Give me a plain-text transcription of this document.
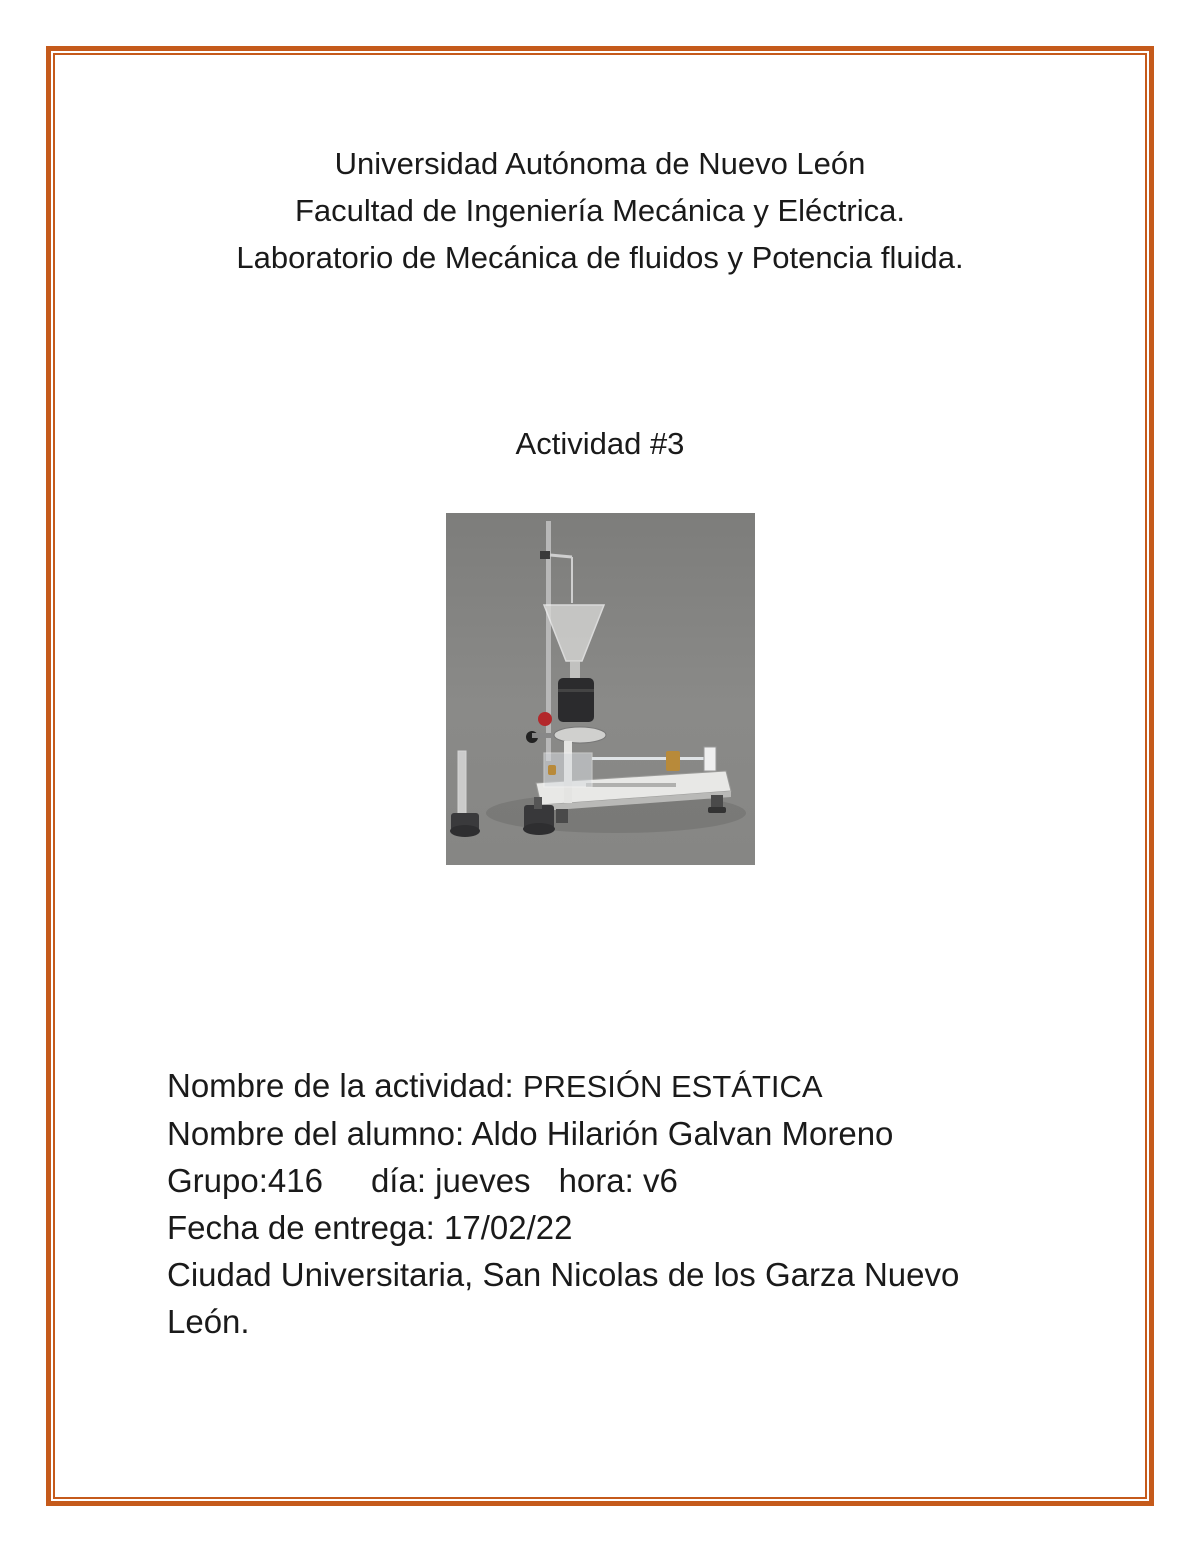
Universidad Autónoma de Nuevo León
Facultad de Ingeniería Mecánica y Eléctrica.
Laboratorio de Mecánica de fluidos y Potencia fluida.
Actividad #3
Nombre de la actividad: PRESIÓN ESTÁTICA
Nombre del alumno: Aldo Hilarión Galvan Moreno
Grupo:416 día: jueves hora: v6
Fecha de entrega: 17/02/22
Ciudad Universitaria, San Nicolas de los Garza Nuevo
León.
